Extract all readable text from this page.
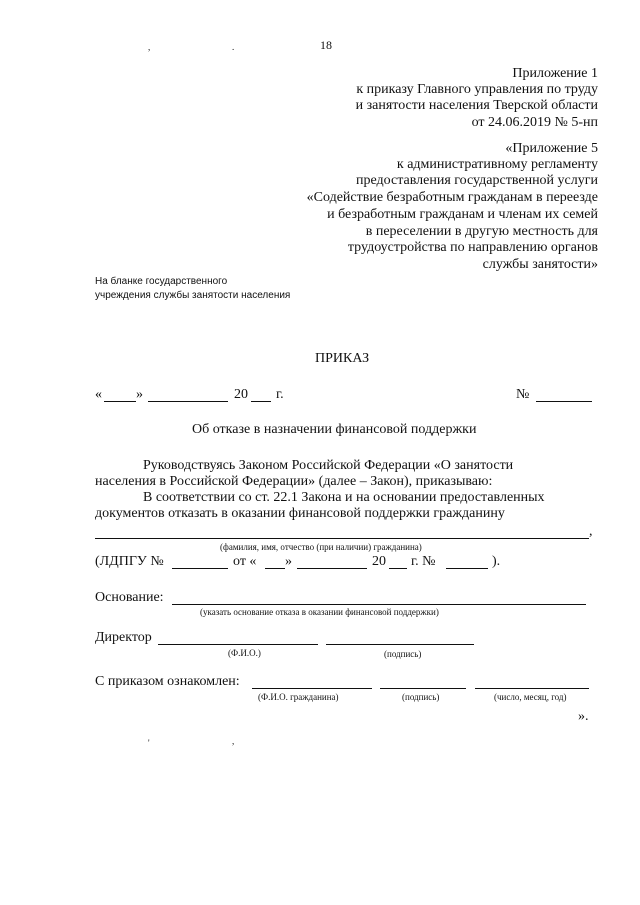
18
,	.
'	,
Приложение 1
к приказу Главного управления по труду
и занятости населения Тверской области
от 24.06.2019 № 5-нп
«Приложение 5
к административному регламенту
предоставления государственной услуги
«Содействие безработным гражданам в переезде
и безработным гражданам и членам их семей
в переселении в другую местность для
трудоустройства по направлению органов
службы занятости»
На бланке государственного
учреждения службы занятости населения
ПРИКАЗ
« »	20 г.	№
Об отказе в назначении финансовой поддержки
Руководствуясь Законом Российской Федерации «О занятости
населения в Российской Федерации» (далее – Закон), приказываю:
В соответствии со ст. 22.1 Закона и на основании предоставленных
документов отказать в оказании финансовой поддержки гражданину
,
(фамилия, имя, отчество (при наличии) гражданина)
(ЛДПГУ №	от « »	20 г. №	).
Основание:
(указать основание отказа в оказании финансовой поддержки)
Директор
(Ф.И.О.)	(подпись)
С приказом ознакомлен:
(Ф.И.О. гражданина)	(подпись)	(число, месяц, год)
».
